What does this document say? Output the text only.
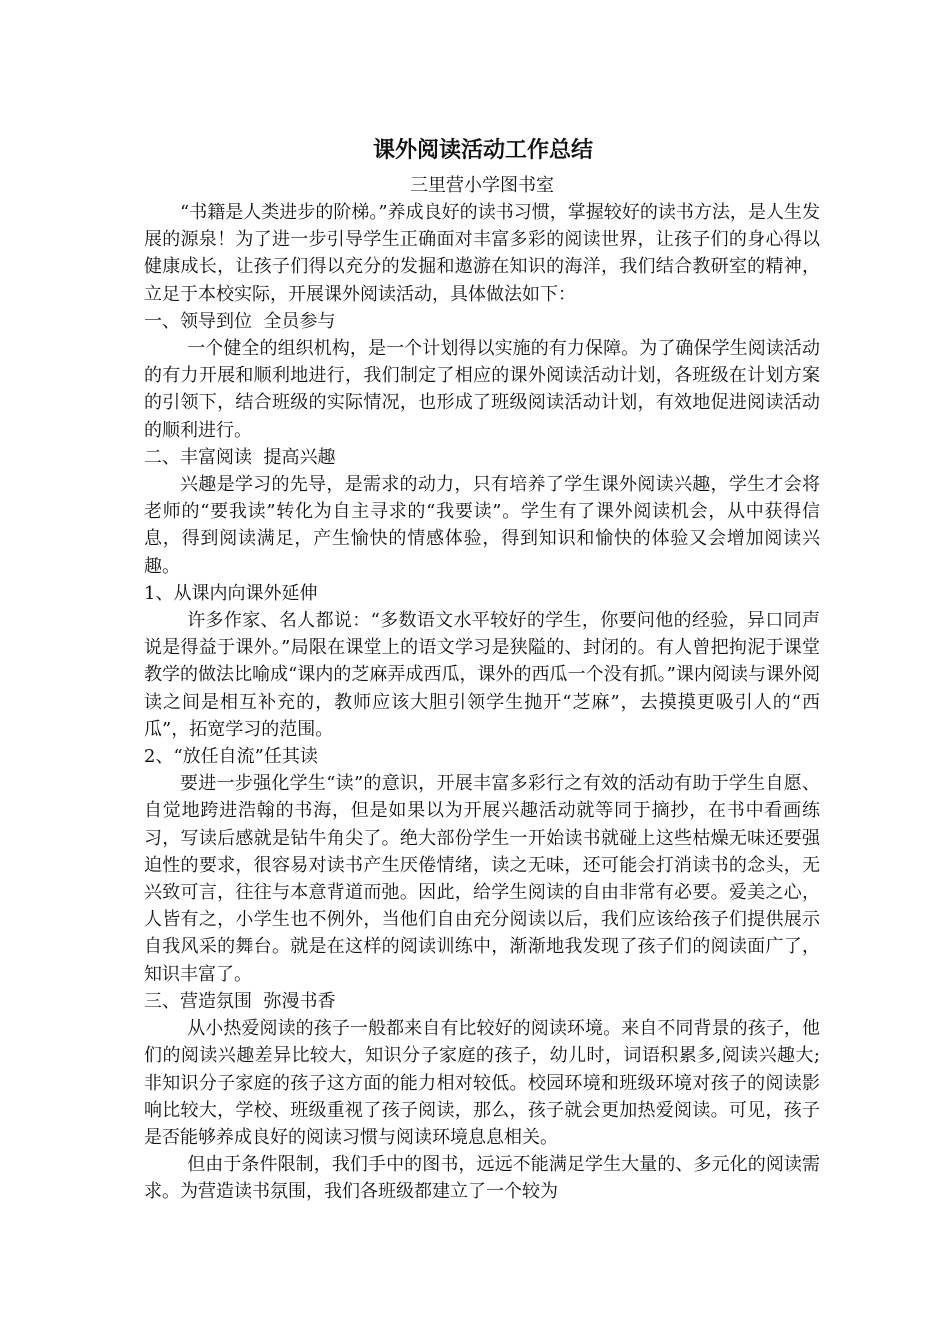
课外阅读活动工作总结

三里营小学图书室

“书籍是人类进步的阶梯。”养成良好的读书习惯，掌握较好的读书方法，是人生发展的源泉！为了进一步引导学生正确面对丰富多彩的阅读世界，让孩子们的身心得以健康成长，让孩子们得以充分的发掘和遨游在知识的海洋，我们结合教研室的精神，立足于本校实际，开展课外阅读活动，具体做法如下：

一、领导到位  全员参与

一个健全的组织机构，是一个计划得以实施的有力保障。为了确保学生阅读活动的有力开展和顺利地进行，我们制定了相应的课外阅读活动计划，各班级在计划方案的引领下，结合班级的实际情况，也形成了班级阅读活动计划，有效地促进阅读活动的顺利进行。

二、丰富阅读  提高兴趣

兴趣是学习的先导，是需求的动力，只有培养了学生课外阅读兴趣，学生才会将老师的“要我读”转化为自主寻求的“我要读”。学生有了课外阅读机会，从中获得信息，得到阅读满足，产生愉快的情感体验，得到知识和愉快的体验又会增加阅读兴趣。

1、从课内向课外延伸

许多作家、名人都说：“多数语文水平较好的学生，你要问他的经验，异口同声说是得益于课外。”局限在课堂上的语文学习是狭隘的、封闭的。有人曾把拘泥于课堂教学的做法比喻成“课内的芝麻弄成西瓜，课外的西瓜一个没有抓。”课内阅读与课外阅读之间是相互补充的，教师应该大胆引领学生抛开“芝麻”，去摸摸更吸引人的“西瓜”，拓宽学习的范围。

2、“放任自流”任其读

要进一步强化学生“读”的意识，开展丰富多彩行之有效的活动有助于学生自愿、自觉地跨进浩翰的书海，但是如果以为开展兴趣活动就等同于摘抄，在书中看画练习，写读后感就是钻牛角尖了。绝大部份学生一开始读书就碰上这些枯燥无味还要强迫性的要求，很容易对读书产生厌倦情绪，读之无味，还可能会打消读书的念头，无兴致可言，往往与本意背道而弛。因此，给学生阅读的自由非常有必要。爱美之心，人皆有之，小学生也不例外，当他们自由充分阅读以后，我们应该给孩子们提供展示自我风采的舞台。就是在这样的阅读训练中，渐渐地我发现了孩子们的阅读面广了，知识丰富了。

三、营造氛围  弥漫书香

从小热爱阅读的孩子一般都来自有比较好的阅读环境。来自不同背景的孩子，他们的阅读兴趣差异比较大，知识分子家庭的孩子，幼儿时，词语积累多,阅读兴趣大;非知识分子家庭的孩子这方面的能力相对较低。校园环境和班级环境对孩子的阅读影响比较大，学校、班级重视了孩子阅读，那么，孩子就会更加热爱阅读。可见，孩子是否能够养成良好的阅读习惯与阅读环境息息相关。

但由于条件限制，我们手中的图书，远远不能满足学生大量的、多元化的阅读需求。为营造读书氛围，我们各班级都建立了一个较为
